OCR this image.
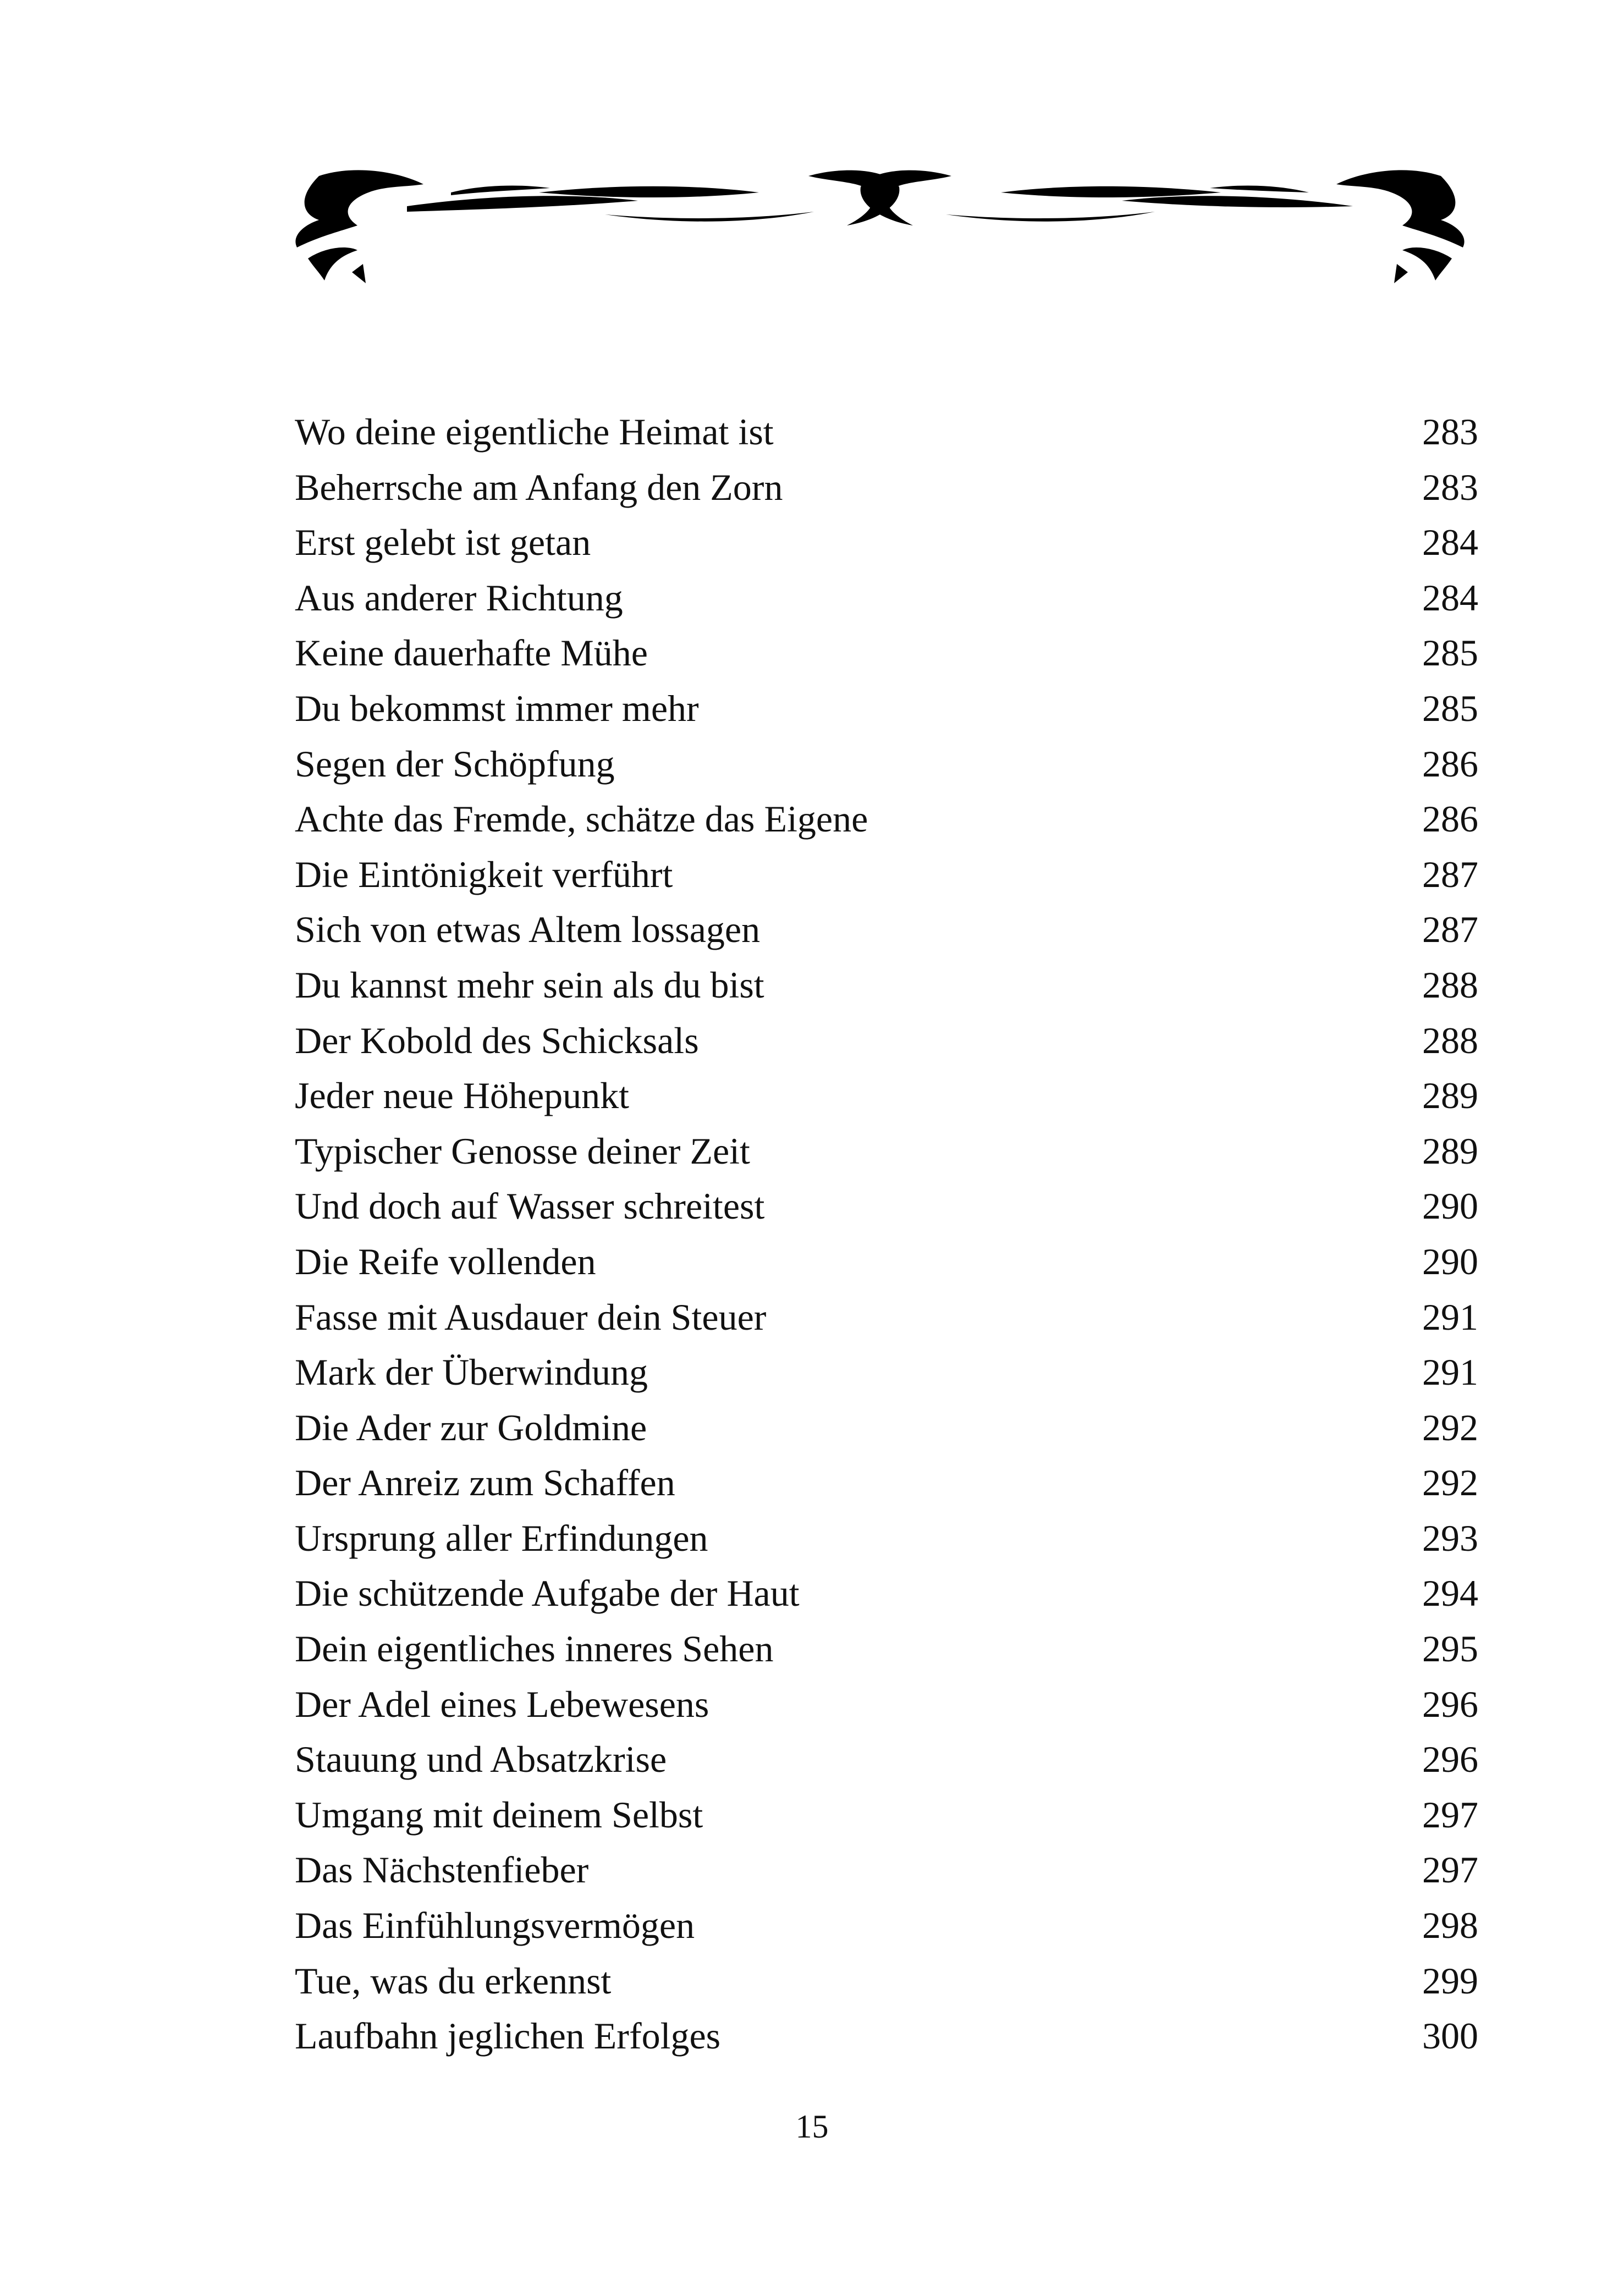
Wo deine eigentliche Heimat ist	283
Beherrsche am Anfang den Zorn	283
Erst gelebt ist getan	284
Aus anderer Richtung	284
Keine dauerhafte Mühe	285
Du bekommst immer mehr	285
Segen der Schöpfung	286
Achte das Fremde, schätze das Eigene	286
Die Eintönigkeit verführt	287
Sich von etwas Altem lossagen	287
Du kannst mehr sein als du bist	288
Der Kobold des Schicksals	288
Jeder neue Höhepunkt	289
Typischer Genosse deiner Zeit	289
Und doch auf Wasser schreitest	290
Die Reife vollenden	290
Fasse mit Ausdauer dein Steuer	291
Mark der Überwindung	291
Die Ader zur Goldmine	292
Der Anreiz zum Schaffen	292
Ursprung aller Erfindungen	293
Die schützende Aufgabe der Haut	294
Dein eigentliches inneres Sehen	295
Der Adel eines Lebewesens	296
Stauung und Absatzkrise	296
Umgang mit deinem Selbst	297
Das Nächstenfieber	297
Das Einfühlungsvermögen	298
Tue, was du erkennst	299
Laufbahn jeglichen Erfolges	300
15
